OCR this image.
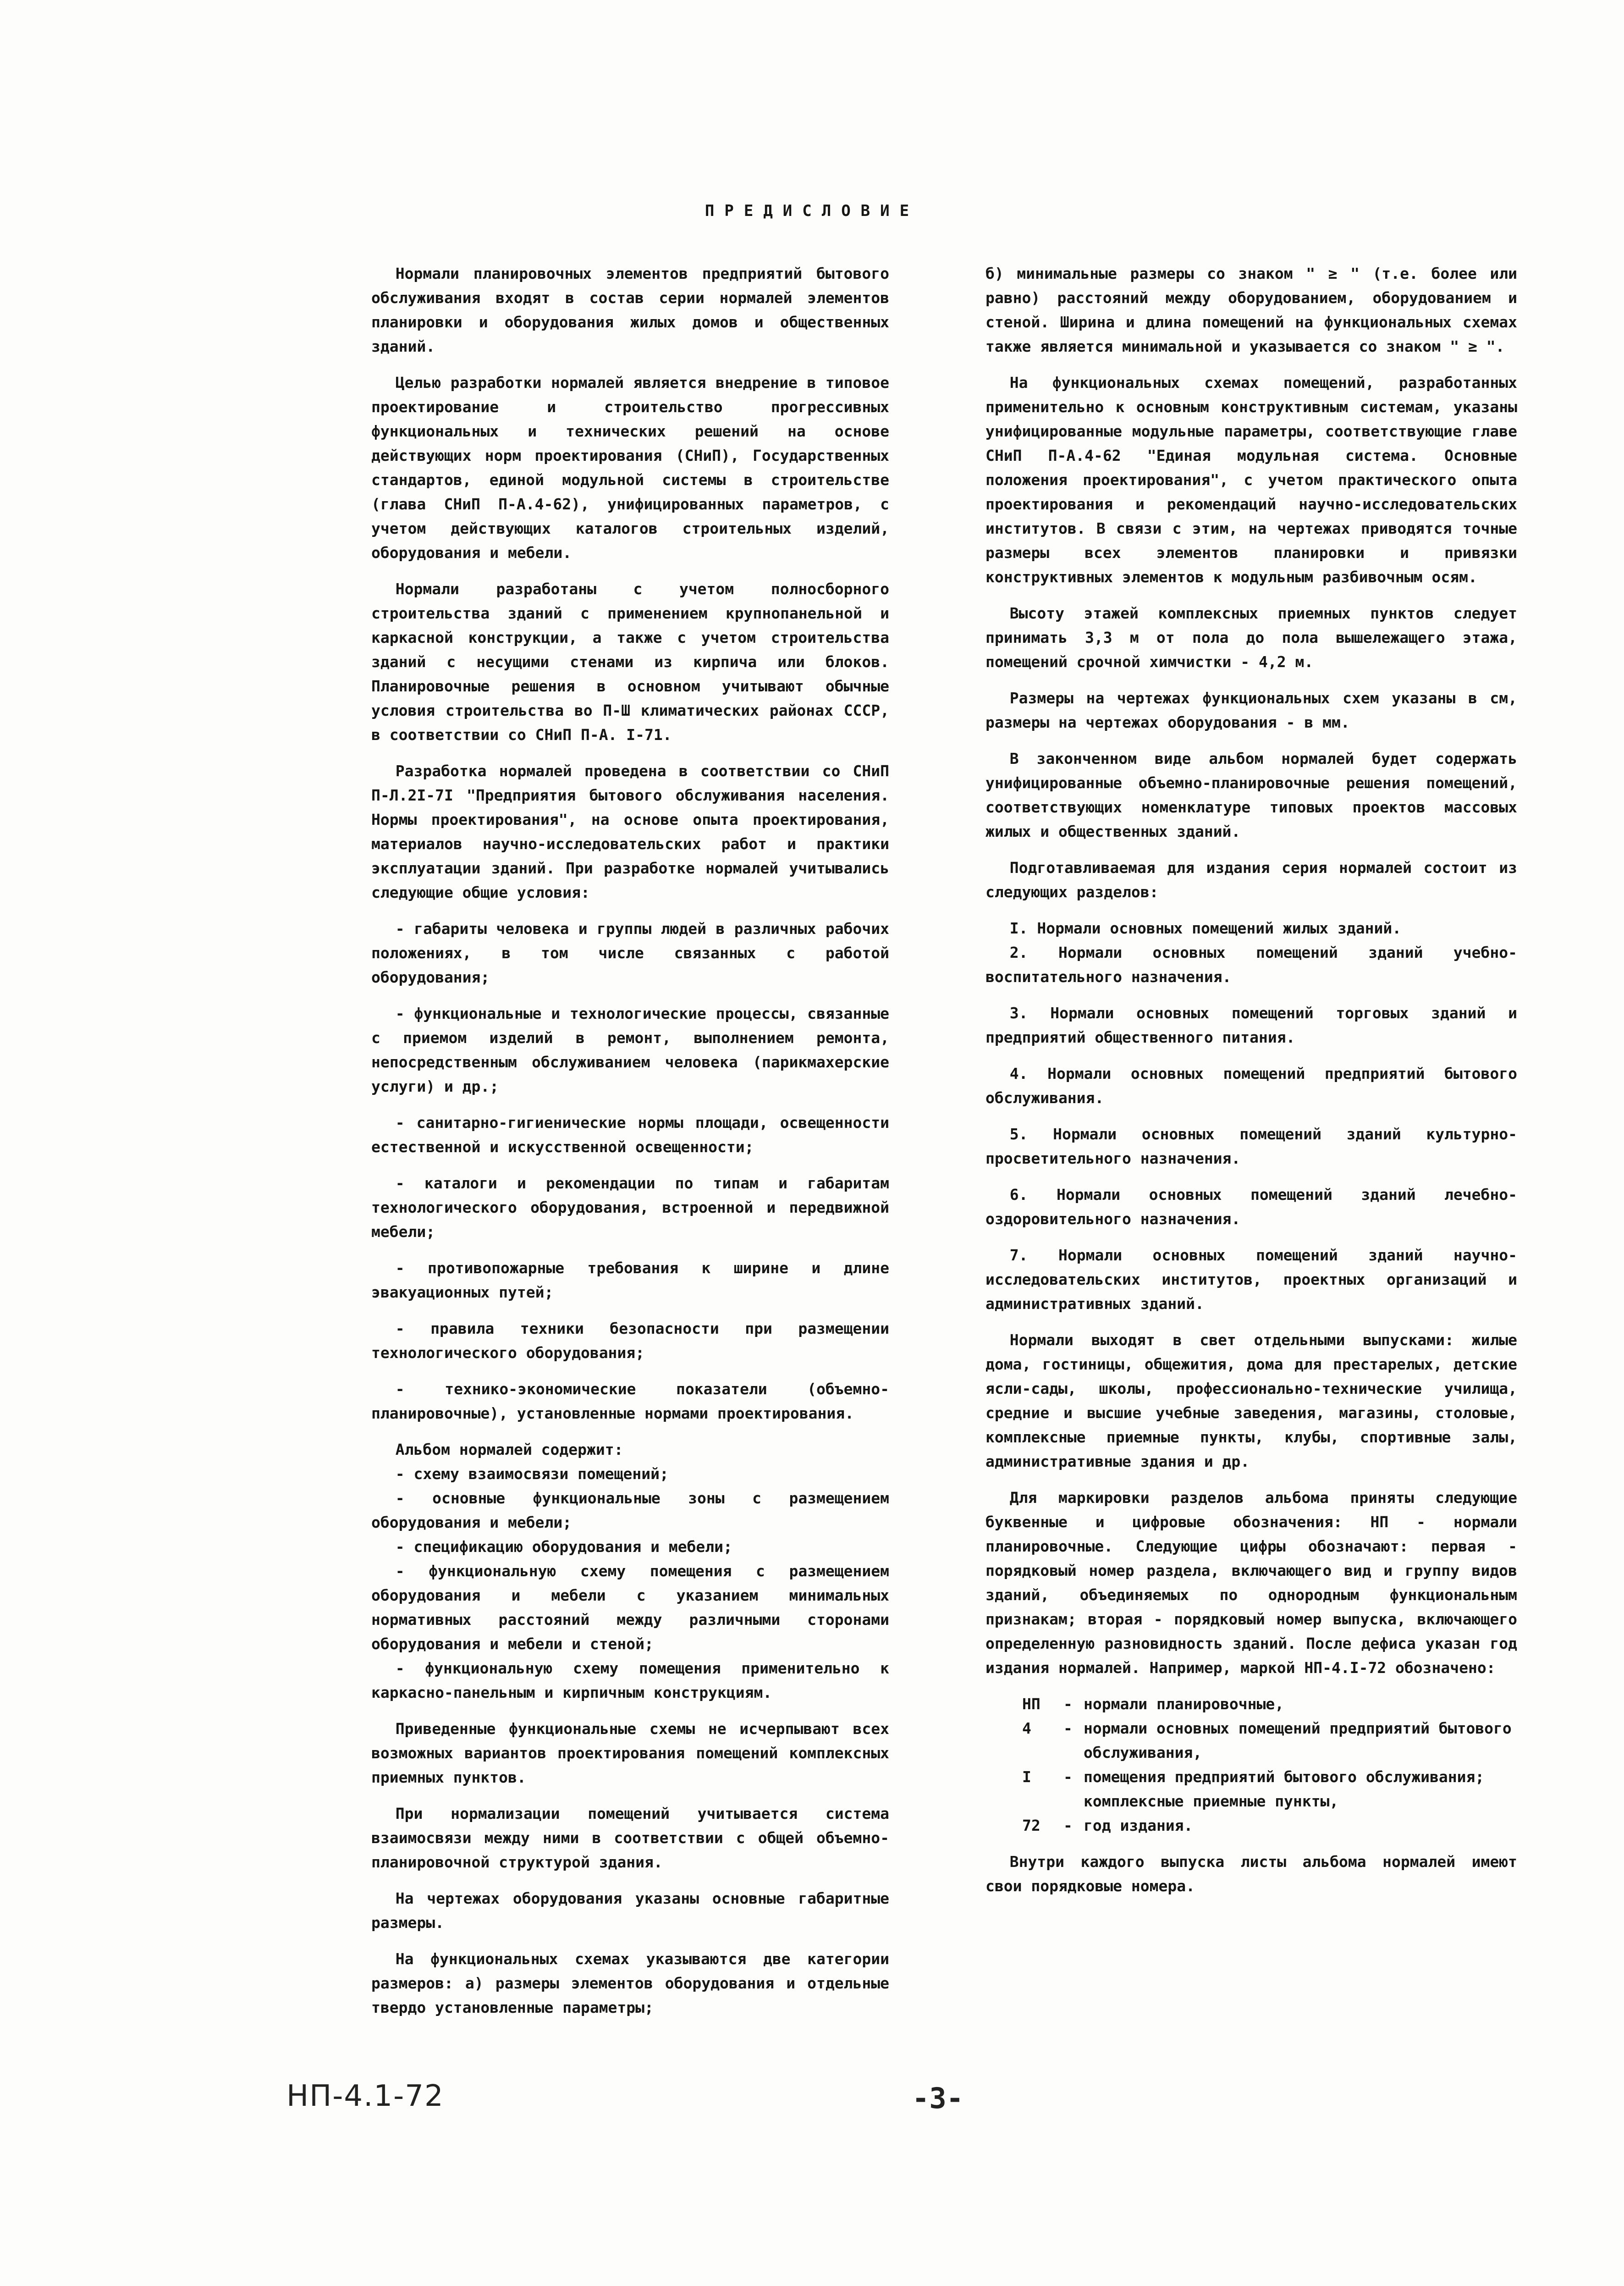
ПРЕДИСЛОВИЕ

Нормали планировочных элементов предприятий бытового обслуживания входят в состав серии нормалей элементов планировки и оборудования жилых домов и общественных зданий.

Целью разработки нормалей является внедрение в типовое проектирование и строительство прогрессивных функциональных и технических решений на основе действующих норм проектирования (СНиП), Государственных стандартов, единой модульной системы в строительстве (глава СНиП П-А.4-62), унифицированных параметров, с учетом действующих каталогов строительных изделий, оборудования и мебели.

Нормали разработаны с учетом полносборного строительства зданий с применением крупнопанельной и каркасной конструкции, а также с учетом строительства зданий с несущими стенами из кирпича или блоков. Планировочные решения в основном учитывают обычные условия строительства во П-Ш климатических районах СССР, в соответствии со СНиП П-А. I-71.

Разработка нормалей проведена в соответствии со СНиП П-Л.2I-7I "Предприятия бытового обслуживания населения. Нормы проектирования", на основе опыта проектирования, материалов научно-исследовательских работ и практики эксплуатации зданий. При разработке нормалей учитывались следующие общие условия:

- габариты человека и группы людей в различных рабочих положениях, в том числе связанных с работой оборудования;

- функциональные и технологические процессы, связанные с приемом изделий в ремонт, выполнением ремонта, непосредственным обслуживанием человека (парикмахерские услуги) и др.;

- санитарно-гигиенические нормы площади, освещенности естественной и искусственной освещенности;

- каталоги и рекомендации по типам и габаритам технологического оборудования, встроенной и передвижной мебели;

- противопожарные требования к ширине и длине эвакуационных путей;

- правила техники безопасности при размещении технологического оборудования;

- технико-экономические показатели (объемно-планировочные), установленные нормами проектирования.

Альбом нормалей содержит:

- схему взаимосвязи помещений;

- основные функциональные зоны с размещением оборудования и мебели;

- спецификацию оборудования и мебели;

- функциональную схему помещения с размещением оборудования и мебели с указанием минимальных нормативных расстояний между различными сторонами оборудования и мебели и стеной;

- функциональную схему помещения применительно к каркасно-панельным и кирпичным конструкциям.

Приведенные функциональные схемы не исчерпывают всех возможных вариантов проектирования помещений комплексных приемных пунктов.

При нормализации помещений учитывается система взаимосвязи между ними в соответствии с общей объемно-планировочной структурой здания.

На чертежах оборудования указаны основные габаритные размеры.

На функциональных схемах указываются две категории размеров: а) размеры элементов оборудования и отдельные твердо установленные параметры;

б) минимальные размеры со знаком " ≥ " (т.е. более или равно) расстояний между оборудованием, оборудованием и стеной. Ширина и длина помещений на функциональных схемах также является минимальной и указывается со знаком " ≥ ".

На функциональных схемах помещений, разработанных применительно к основным конструктивным системам, указаны унифицированные модульные параметры, соответствующие главе СНиП П-А.4-62 "Единая модульная система. Основные положения проектирования", с учетом практического опыта проектирования и рекомендаций научно-исследовательских институтов. В связи с этим, на чертежах приводятся точные размеры всех элементов планировки и привязки конструктивных элементов к модульным разбивочным осям.

Высоту этажей комплексных приемных пунктов следует принимать 3,3 м от пола до пола вышележащего этажа, помещений срочной химчистки - 4,2 м.

Размеры на чертежах функциональных схем указаны в см, размеры на чертежах оборудования - в мм.

В законченном виде альбом нормалей будет содержать унифицированные объемно-планировочные решения помещений, соответствующих номенклатуре типовых проектов массовых жилых и общественных зданий.

Подготавливаемая для издания серия нормалей состоит из следующих разделов:

I. Нормали основных помещений жилых зданий.

2. Нормали основных помещений зданий учебно-воспитательного назначения.

3. Нормали основных помещений торговых зданий и предприятий общественного питания.

4. Нормали основных помещений предприятий бытового обслуживания.

5. Нормали основных помещений зданий культурно-просветительного назначения.

6. Нормали основных помещений зданий лечебно-оздоровительного назначения.

7. Нормали основных помещений зданий научно-исследовательских институтов, проектных организаций и административных зданий.

Нормали выходят в свет отдельными выпусками: жилые дома, гостиницы, общежития, дома для престарелых, детские ясли-сады, школы, профессионально-технические училища, средние и высшие учебные заведения, магазины, столовые, комплексные приемные пункты, клубы, спортивные залы, административные здания и др.

Для маркировки разделов альбома приняты следующие буквенные и цифровые обозначения: НП - нормали планировочные. Следующие цифры обозначают: первая - порядковый номер раздела, включающего вид и группу видов зданий, объединяемых по однородным функциональным признакам; вторая - порядковый номер выпуска, включающего определенную разновидность зданий. После дефиса указан год издания нормалей. Например, маркой НП-4.I-72 обозначено:

НП	- нормали планировочные,
4	- нормали основных помещений предприятий бытового обслуживания,
I	- помещения предприятий бытового обслуживания; комплексные приемные пункты,
72	- год издания.

Внутри каждого выпуска листы альбома нормалей имеют свои порядковые номера.

НП-4.1-72	-3-
